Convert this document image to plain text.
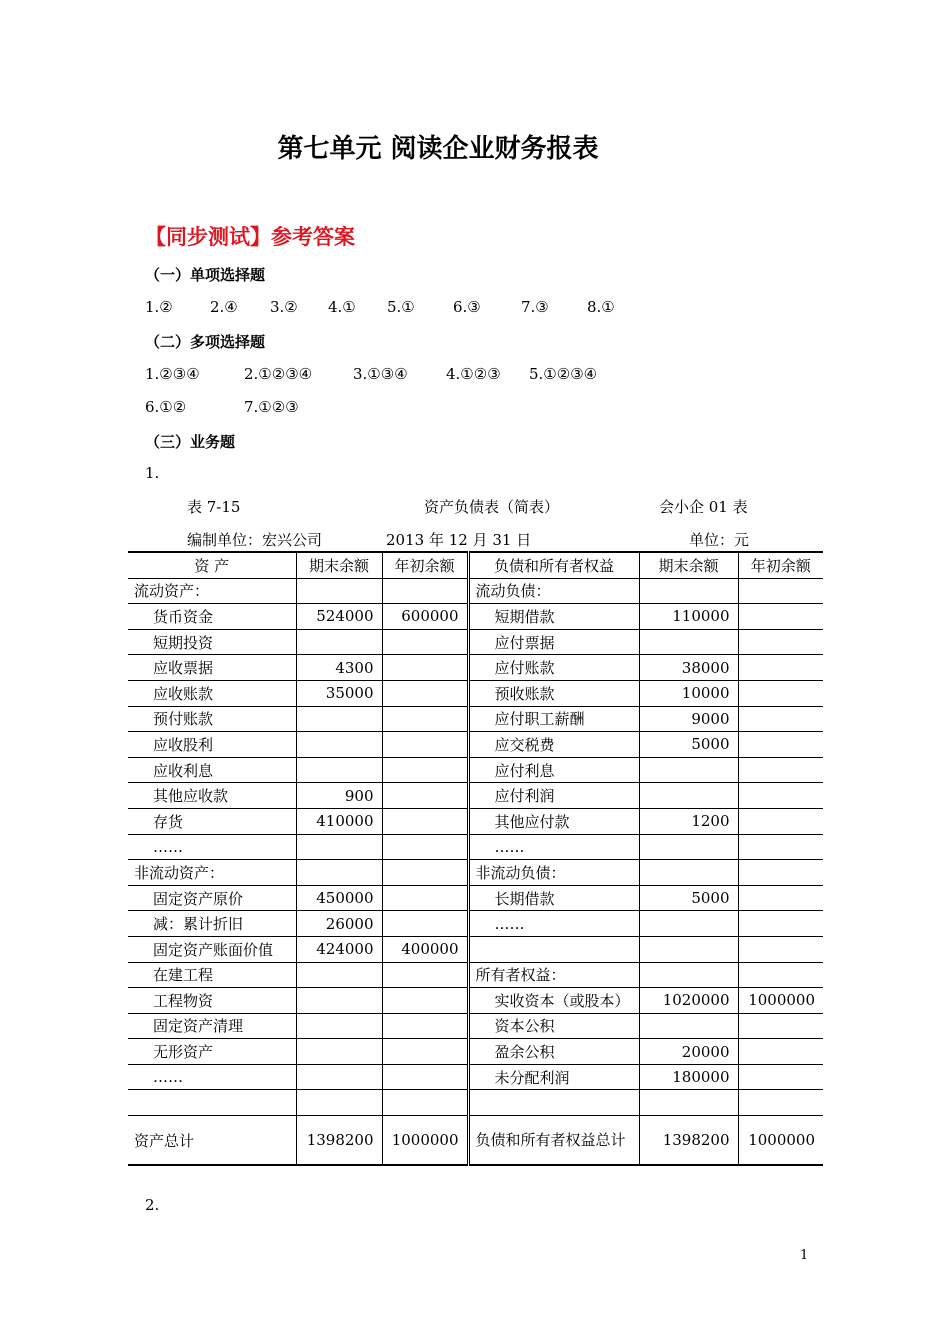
第七单元 阅读企业财务报表
【同步测试】参考答案
（一）单项选择题
1.② 2.④ 3.② 4.① 5.①	6.③	7.③	8.①
（二）多项选择题
1.②③④	2.①②③④	3.①③④	4.①②③ 5.①②③④
6.①②	7.①②③
（三）业务题
1.
表 7-15	资产负债表（简表）	会小企 01 表
编制单位：宏兴公司	2013 年 12 月 31 日	单位：元
资 产	期末余额	年初余额	负债和所有者权益	期末余额	年初余额
流动资产：			流动负债：		
货币资金	524000	600000	短期借款	110000	
短期投资			应付票据		
应收票据	4300		应付账款	38000	
应收账款	35000		预收账款	10000	
预付账款			应付职工薪酬	9000	
应收股利			应交税费	5000	
应收利息			应付利息		
其他应收款	900		应付利润		
存货	410000		其他应付款	1200	
……			……		
非流动资产：			非流动负债：		
固定资产原价	450000		长期借款	5000	
减：累计折旧	26000		……		
固定资产账面价值	424000	400000			
在建工程			所有者权益：		
工程物资			实收资本（或股本）	1020000	1000000
固定资产清理			资本公积		
无形资产			盈余公积	20000	
……			未分配利润	180000	

资产总计	1398200	1000000	负债和所有者权益总计	1398200	1000000
2.
1
